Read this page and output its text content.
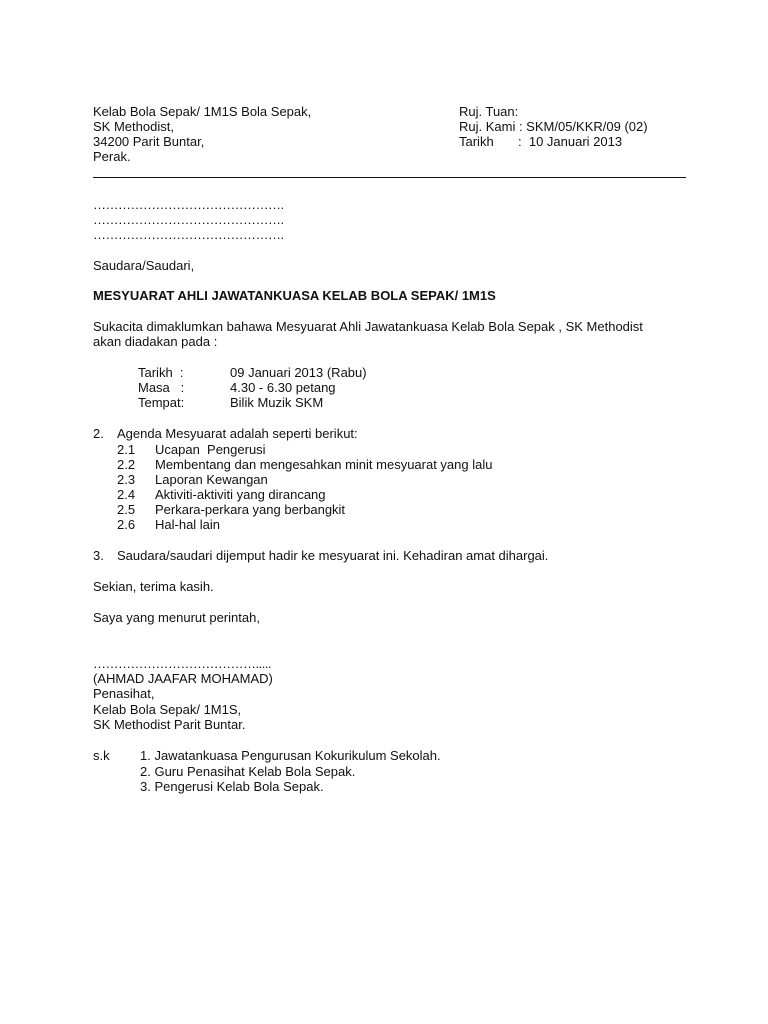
Kelab Bola Sepak/ 1M1S Bola Sepak,
SK Methodist,
34200 Parit Buntar,
Perak.
Ruj. Tuan:
Ruj. Kami : SKM/05/KKR/09 (02)
Tarikh :  10 Januari 2013
……………………………………….
……………………………………….
……………………………………….
Saudara/Saudari,
MESYUARAT AHLI JAWATANKUASA KELAB BOLA SEPAK/ 1M1S
Sukacita dimaklumkan bahawa Mesyuarat Ahli Jawatankuasa Kelab Bola Sepak , SK Methodist
akan diadakan pada :
Tarikh  :	09 Januari 2013 (Rabu)
Masa   :	4.30 - 6.30 petang
Tempat:	Bilik Muzik SKM
2. Agenda Mesyuarat adalah seperti berikut:
2.1 Ucapan  Pengerusi
2.2 Membentang dan mengesahkan minit mesyuarat yang lalu
2.3 Laporan Kewangan
2.4 Aktiviti-aktiviti yang dirancang
2.5 Perkara-perkara yang berbangkit
2.6 Hal-hal lain
3. Saudara/saudari dijemput hadir ke mesyuarat ini. Kehadiran amat dihargai.
Sekian, terima kasih.
Saya yang menurut perintah,
………………………………….....
(AHMAD JAAFAR MOHAMAD)
Penasihat,
Kelab Bola Sepak/ 1M1S,
SK Methodist Parit Buntar.
s.k 1. Jawatankuasa Pengurusan Kokurikulum Sekolah.
2. Guru Penasihat Kelab Bola Sepak.
3. Pengerusi Kelab Bola Sepak.
